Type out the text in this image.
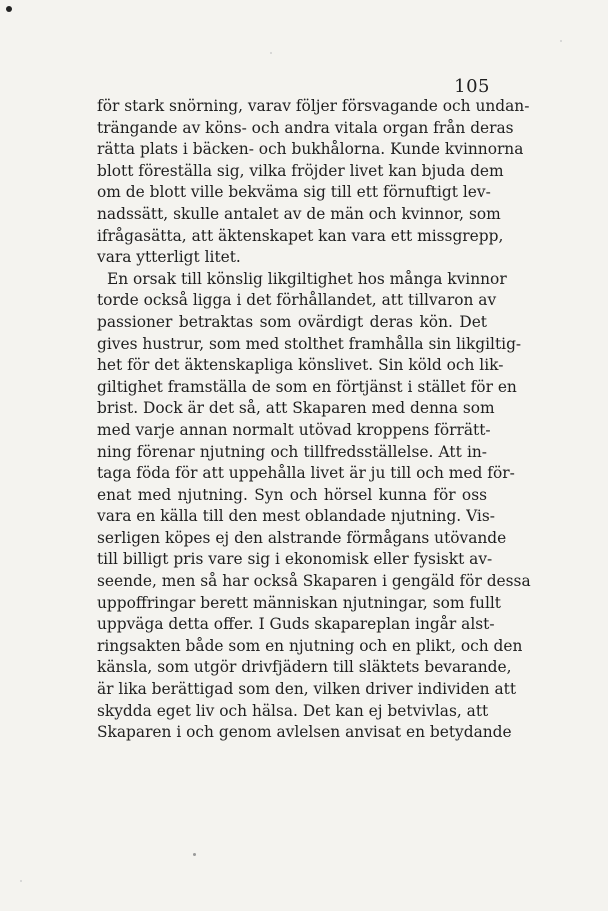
105
för stark snörning, varav följer försvagande och undan-
trängande av köns- och andra vitala organ från deras
rätta plats i bäcken- och bukhålorna. Kunde kvinnorna
blott föreställa sig, vilka fröjder livet kan bjuda dem
om de blott ville bekväma sig till ett förnuftigt lev-
nadssätt, skulle antalet av de män och kvinnor, som
ifrågasätta, att äktenskapet kan vara ett missgrepp,
vara ytterligt litet.
En orsak till könslig likgiltighet hos många kvinnor
torde också ligga i det förhållandet, att tillvaron av
passioner betraktas som ovärdigt deras kön. Det
gives hustrur, som med stolthet framhålla sin likgiltig-
het för det äktenskapliga könslivet. Sin köld och lik-
giltighet framställa de som en förtjänst i stället för en
brist. Dock är det så, att Skaparen med denna som
med varje annan normalt utövad kroppens förrätt-
ning förenar njutning och tillfredsställelse. Att in-
taga föda för att uppehålla livet är ju till och med för-
enat med njutning. Syn och hörsel kunna för oss
vara en källa till den mest oblandade njutning. Vis-
serligen köpes ej den alstrande förmågans utövande
till billigt pris vare sig i ekonomisk eller fysiskt av-
seende, men så har också Skaparen i gengäld för dessa
uppoffringar berett människan njutningar, som fullt
uppväga detta offer. I Guds skapareplan ingår alst-
ringsakten både som en njutning och en plikt, och den
känsla, som utgör drivfjädern till släktets bevarande,
är lika berättigad som den, vilken driver individen att
skydda eget liv och hälsa. Det kan ej betvivlas, att
Skaparen i och genom avlelsen anvisat en betydande
